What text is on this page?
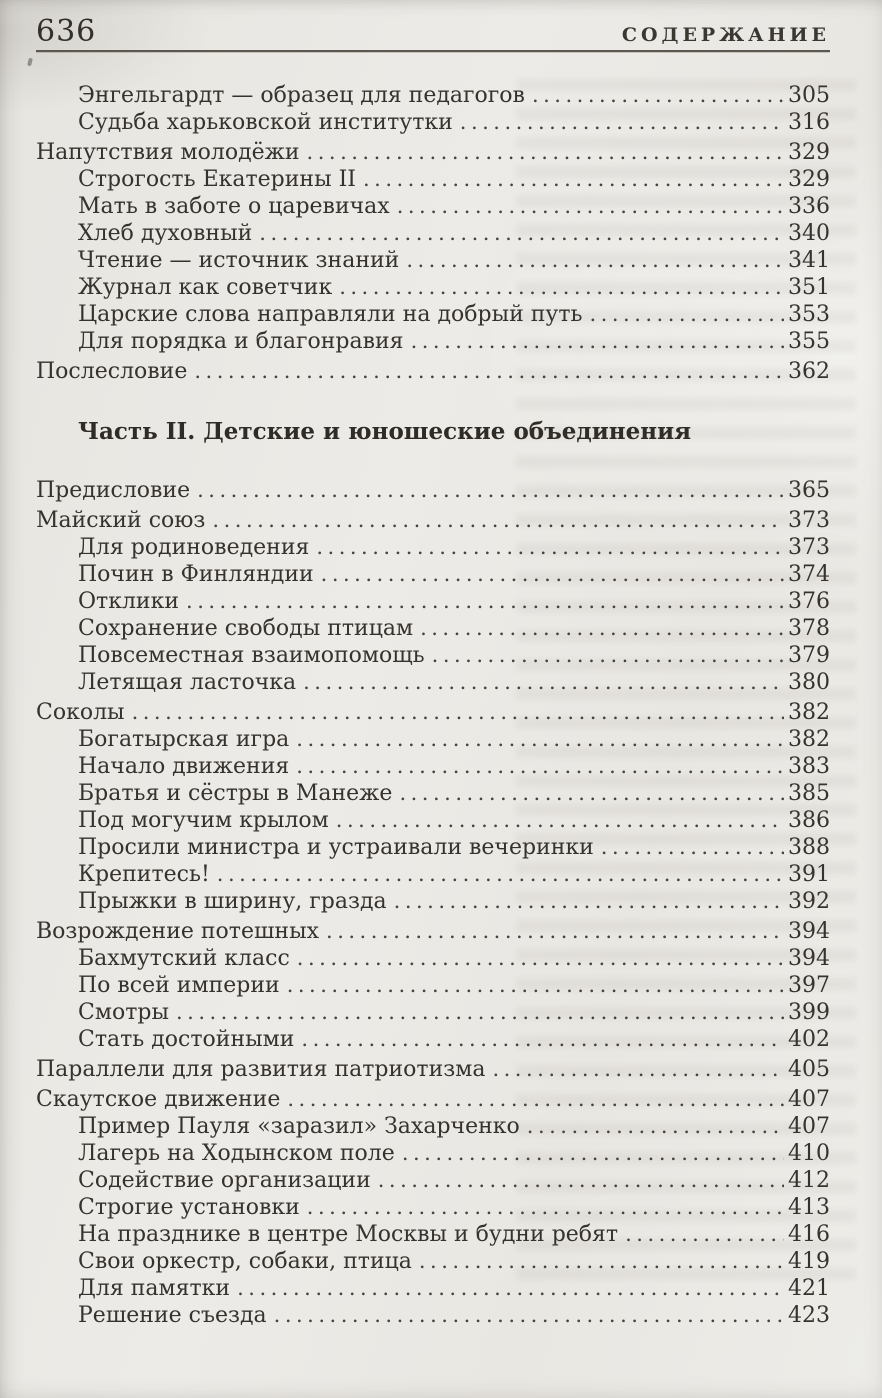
636	СОДЕРЖАНИЕ
Энгельгардт — образец для педагогов .....	305
Судьба харьковской институтки .....	316
Напутствия молодёжи .....	329
Строгость Екатерины II .....	329
Мать в заботе о царевичах .....	336
Хлеб духовный .....	340
Чтение — источник знаний .....	341
Журнал как советчик .....	351
Царские слова направляли на добрый путь .....	353
Для порядка и благонравия .....	355
Послесловие .....	362
Часть II. Детские и юношеские объединения
Предисловие .....	365
Майский союз .....	373
Для родиноведения .....	373
Почин в Финляндии .....	374
Отклики .....	376
Сохранение свободы птицам .....	378
Повсеместная взаимопомощь .....	379
Летящая ласточка .....	380
Соколы .....	382
Богатырская игра .....	382
Начало движения .....	383
Братья и сёстры в Манеже .....	385
Под могучим крылом .....	386
Просили министра и устраивали вечеринки .....	388
Крепитесь! .....	391
Прыжки в ширину, гразда .....	392
Возрождение потешных .....	394
Бахмутский класс .....	394
По всей империи .....	397
Смотры .....	399
Стать достойными .....	402
Параллели для развития патриотизма .....	405
Скаутское движение .....	407
Пример Пауля «заразил» Захарченко .....	407
Лагерь на Ходынском поле .....	410
Содействие организации .....	412
Строгие установки .....	413
На празднике в центре Москвы и будни ребят .....	416
Свои оркестр, собаки, птица .....	419
Для памятки .....	421
Решение съезда .....	423
